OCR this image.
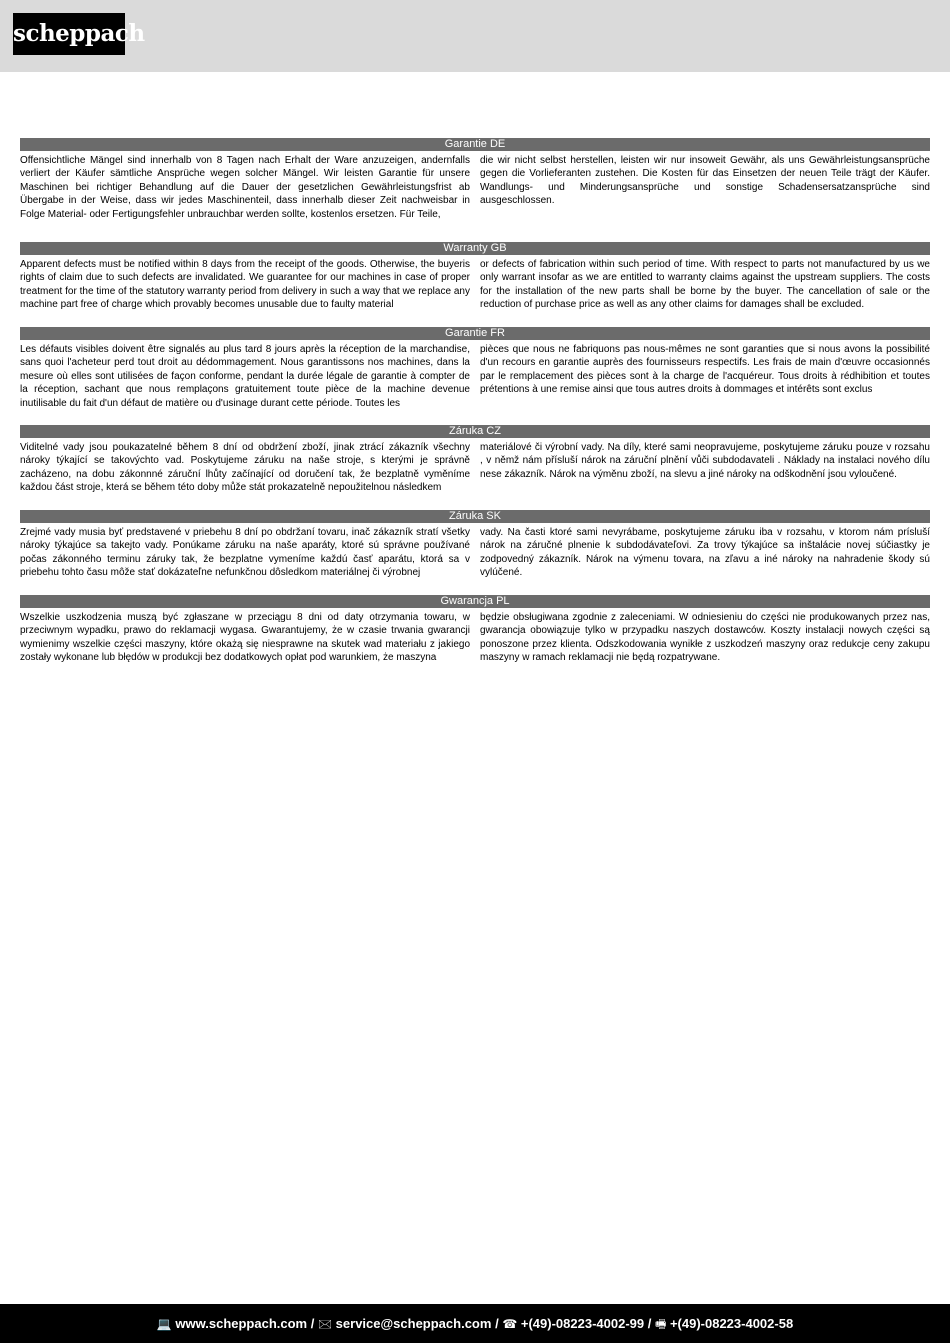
scheppach
Garantie DE
Offensichtliche Mängel sind innerhalb von 8 Tagen nach Erhalt der Ware anzuzeigen, andernfalls verliert der Käufer sämtliche Ansprüche wegen solcher Mängel. Wir leisten Garantie für unsere Maschinen bei richtiger Behandlung auf die Dauer der gesetzlichen Gewährleistungsfrist ab Übergabe in der Weise, dass wir jedes Maschinenteil, dass innerhalb dieser Zeit nachweisbar in Folge Material- oder Fertigungsfehler unbrauchbar werden sollte, kostenlos ersetzen. Für Teile,
die wir nicht selbst herstellen, leisten wir nur insoweit Gewähr, als uns Gewährleistungsansprüche gegen die Vorlieferanten zustehen. Die Kosten für das Einsetzen der neuen Teile trägt der Käufer. Wandlungs- und Minderungsansprüche und sonstige Schadensersatzansprüche sind ausgeschlossen.
Warranty GB
Apparent defects must be notified within 8 days from the receipt of the goods. Otherwise, the buyeris rights of claim due to such defects are invalidated. We guarantee for our machines in case of proper treatment for the time of the statutory warranty period from delivery in such a way that we replace any machine part free of charge which provably becomes unusable due to faulty material
or defects of fabrication within such period of time. With respect to parts not manufactured by us we only warrant insofar as we are entitled to warranty claims against the upstream suppliers. The costs for the installation of the new parts shall be borne by the buyer. The cancellation of sale or the reduction of purchase price as well as any other claims for damages shall be excluded.
Garantie FR
Les défauts visibles doivent être signalés au plus tard 8 jours après la réception de la marchandise, sans quoi l'acheteur perd tout droit au dédommagement. Nous garantissons nos machines, dans la mesure où elles sont utilisées de façon conforme, pendant la durée légale de garantie à compter de la réception, sachant que nous remplaçons gratuitement toute pièce de la machine devenue inutilisable du fait d'un défaut de matière ou d'usinage durant cette période. Toutes les
pièces que nous ne fabriquons pas nous-mêmes ne sont garanties que si nous avons la possibilité d'un recours en garantie auprès des fournisseurs respectifs. Les frais de main d'œuvre occasionnés par le remplacement des pièces sont à la charge de l'acquéreur. Tous droits à rédhibition et toutes prétentions à une remise ainsi que tous autres droits à dommages et intérêts sont exclus
Záruka CZ
Viditelné vady jsou poukazatelné během 8 dní od obdržení zboží, jinak ztrácí zákazník všechny nároky týkající se takovýchto vad. Poskytujeme záruku na naše stroje, s kterými je správně zacházeno, na dobu zákonnné záruční lhůty začínající od doručení tak, že bezplatně vyměníme každou část stroje, která se během této doby může stát prokazatelně nepoužitelnou následkem
materiálové či výrobní vady. Na díly, které sami neopravujeme, poskytujeme záruku pouze v rozsahu , v němž nám přísluší nárok na záruční plnění vůči subdodavateli . Náklady na instalaci nového dílu nese zákazník. Nárok na výměnu zboží, na slevu a jiné nároky na odškodnění jsou vyloučené.
Záruka SK
Zrejmé vady musia byť predstavené v priebehu 8 dní po obdržaní tovaru, inač zákazník stratí všetky nároky týkajúce sa takejto vady. Ponúkame záruku na naše aparáty, ktoré sú správne používané počas zákonného terminu záruky tak, že bezplatne vymeníme každú časť aparátu, ktorá sa v priebehu tohto času môže stať dokázateľne nefunkčnou dôsledkom materiálnej či výrobnej
vady. Na časti ktoré sami nevyrábame, poskytujeme záruku iba v rozsahu, v ktorom nám prísluší nárok na záručné plnenie k subdodávateľovi. Za trovy týkajúce sa inštalácie novej súčiastky je zodpovedný zákazník. Nárok na výmenu tovara, na zľavu a iné nároky na nahradenie škody sú vylúčené.
Gwarancja PL
Wszelkie uszkodzenia muszą być zgłaszane w przeciągu 8 dni od daty otrzymania towaru, w przeciwnym wypadku, prawo do reklamacji wygasa. Gwarantujemy, że w czasie trwania gwarancji wymienimy wszelkie części maszyny, które okażą się niesprawne na skutek wad materiału z jakiego zostały wykonane lub błędów w produkcji bez dodatkowych opłat pod warunkiem, że maszyna
będzie obsługiwana zgodnie z zaleceniami. W odniesieniu do części nie produkowanych przez nas, gwarancja obowiązuje tylko w przypadku naszych dostawców. Koszty instalacji nowych części są ponoszone przez klienta. Odszkodowania wynikłe z uszkodzeń maszyny oraz redukcje ceny zakupu maszyny w ramach reklamacji nie będą rozpatrywane.
💻 www.scheppach.com / 🖂 service@scheppach.com / ☎ +(49)-08223-4002-99 / 🖷 +(49)-08223-4002-58
